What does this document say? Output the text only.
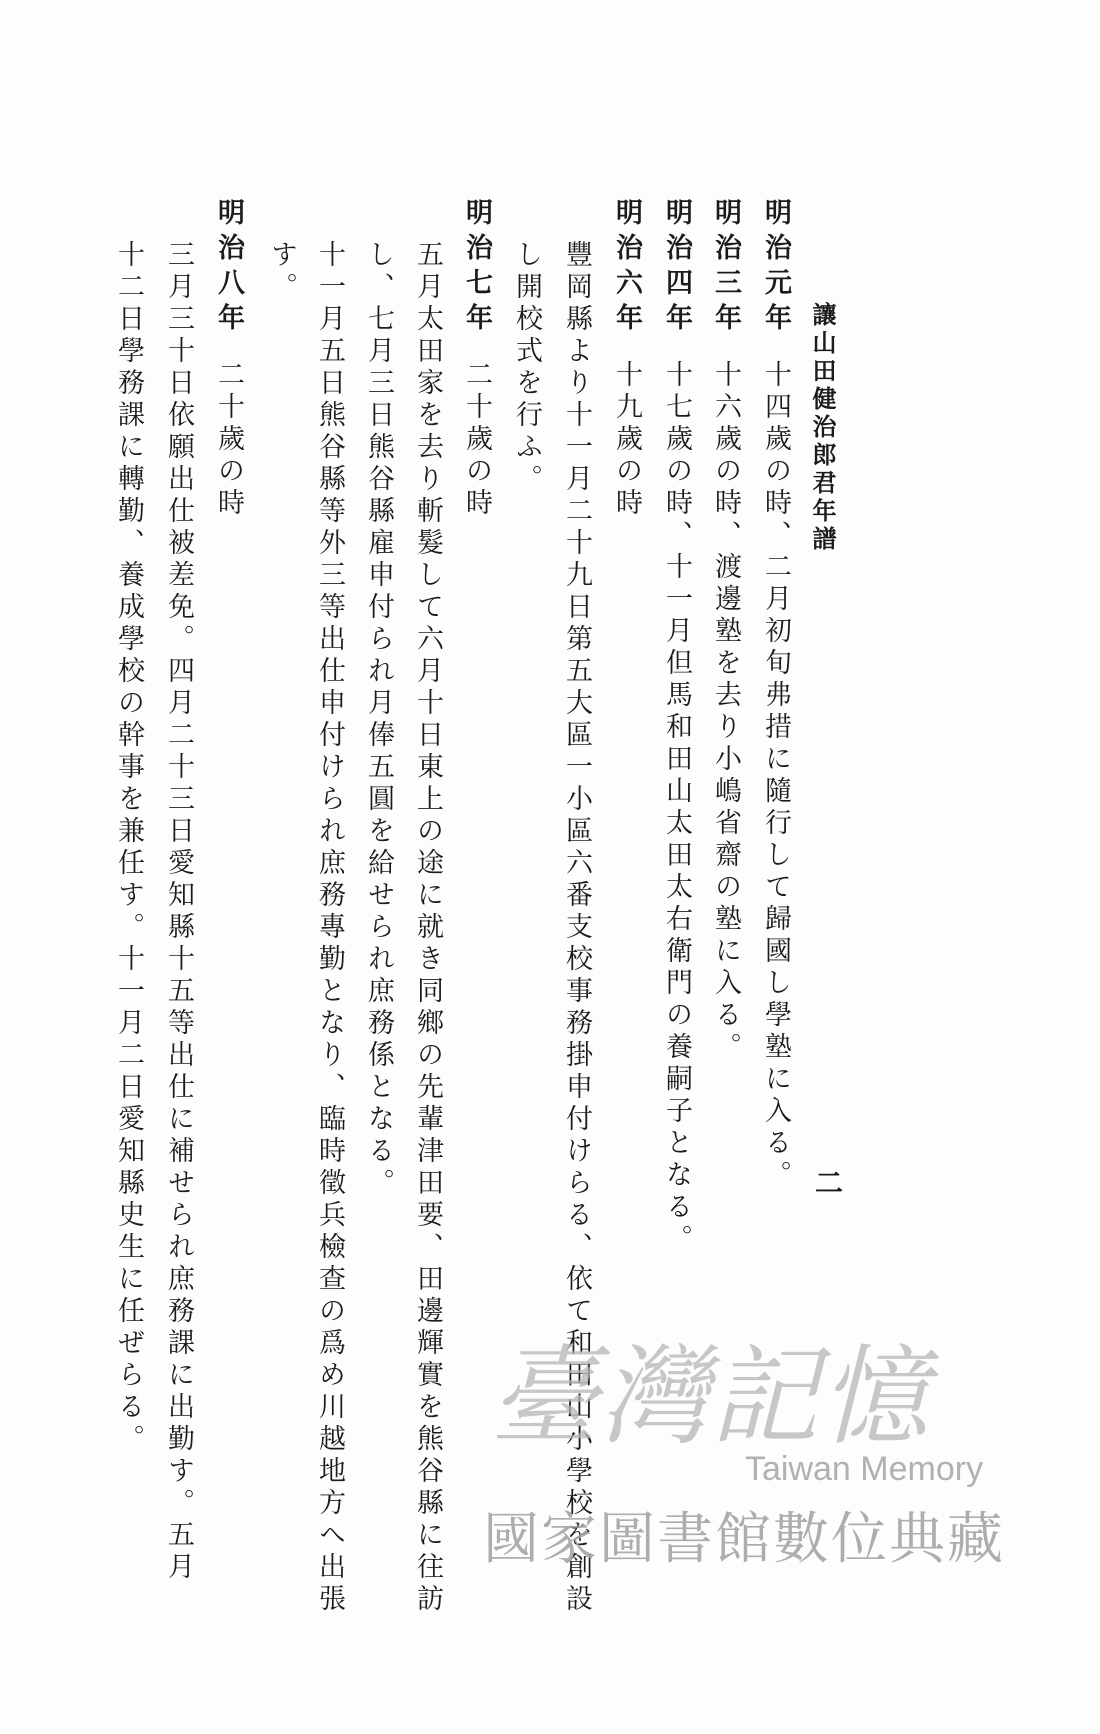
讓山田健治郎君年譜
二
明治元年十四歲の時、二月初旬弗措に隨行して歸國し學塾に入る。
明治三年十六歲の時、渡邊塾を去り小嶋省齋の塾に入る。
明治四年十七歲の時、十一月但馬和田山太田太右衛門の養嗣子となる。
明治六年十九歲の時
豐岡縣より十一月二十九日第五大區一小區六番支校事務掛申付けらる、依て和田山小學校を創設
し開校式を行ふ。
明治七年二十歲の時
五月太田家を去り斬髮して六月十日東上の途に就き同鄉の先輩津田要、田邊輝實を熊谷縣に往訪
し、七月三日熊谷縣雇申付られ月俸五圓を給せられ庶務係となる。
十一月五日熊谷縣等外三等出仕申付けられ庶務專勤となり、臨時徵兵檢查の爲め川越地方へ出張
す。
明治八年二十歲の時
三月三十日依願出仕被差免。四月二十三日愛知縣十五等出仕に補せられ庶務課に出勤す。五月
十二日學務課に轉勤、養成學校の幹事を兼任す。十一月二日愛知縣史生に任ぜらる。	臺灣記憶
Taiwan Memory
國家圖書館數位典藏
